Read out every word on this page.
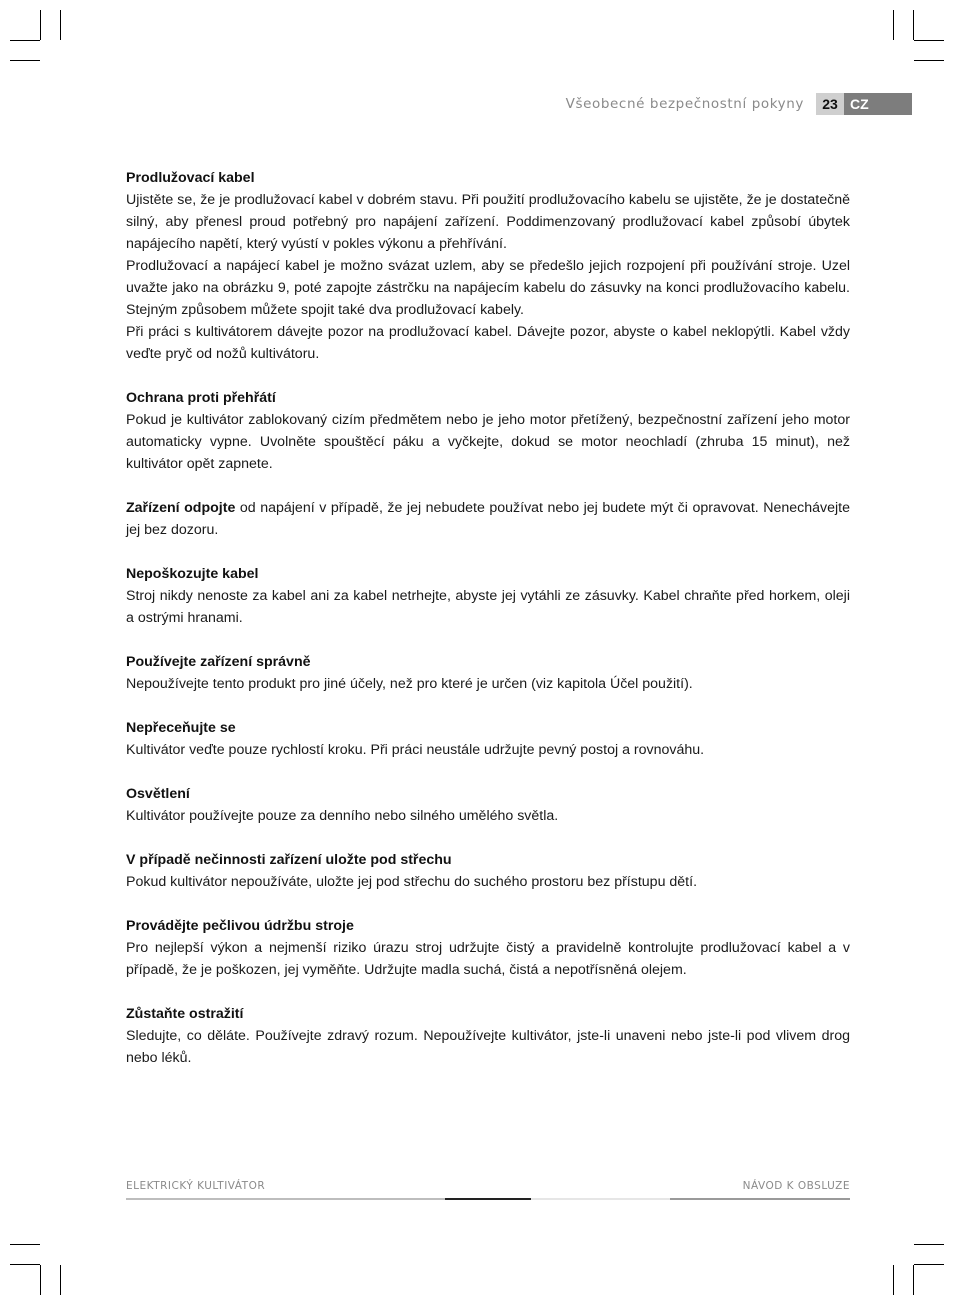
Všeobecné bezpečnostní pokyny	23 CZ
Prodlužovací kabel

Ujistěte se, že je prodlužovací kabel v dobrém stavu. Při použití prodlužovacího kabelu se ujistěte, že je dostatečně silný, aby přenesl proud potřebný pro napájení zařízení. Poddimenzovaný prodlužovací kabel způsobí úbytek napájecího napětí, který vyústí v pokles výkonu a přehřívání.

Prodlužovací a napájecí kabel je možno svázat uzlem, aby se předešlo jejich rozpojení při používání stroje. Uzel uvažte jako na obrázku 9, poté zapojte zástrčku na napájecím kabelu do zásuvky na konci prodlužovacího kabelu. Stejným způsobem můžete spojit také dva prodlužovací kabely.

Při práci s kultivátorem dávejte pozor na prodlužovací kabel. Dávejte pozor, abyste o kabel neklopýtli. Kabel vždy veďte pryč od nožů kultivátoru.

Ochrana proti přehřátí

Pokud je kultivátor zablokovaný cizím předmětem nebo je jeho motor přetížený, bezpečnostní zařízení jeho motor automaticky vypne. Uvolněte spouštěcí páku a vyčkejte, dokud se motor neochladí (zhruba 15 minut), než kultivátor opět zapnete.

Zařízení odpojte od napájení v případě, že jej nebudete používat nebo jej budete mýt či opravovat. Nenechávejte jej bez dozoru.

Nepoškozujte kabel

Stroj nikdy nenoste za kabel ani za kabel netrhejte, abyste jej vytáhli ze zásuvky. Kabel chraňte před horkem, oleji a ostrými hranami.

Používejte zařízení správně

Nepoužívejte tento produkt pro jiné účely, než pro které je určen (viz kapitola Účel použití).

Nepřeceňujte se

Kultivátor veďte pouze rychlostí kroku. Při práci neustále udržujte pevný postoj a rovnováhu.

Osvětlení

Kultivátor používejte pouze za denního nebo silného umělého světla.

V případě nečinnosti zařízení uložte pod střechu

Pokud kultivátor nepoužíváte, uložte jej pod střechu do suchého prostoru bez přístupu dětí.

Provádějte pečlivou údržbu stroje

Pro nejlepší výkon a nejmenší riziko úrazu stroj udržujte čistý a pravidelně kontrolujte prodlužovací kabel a v případě, že je poškozen, jej vyměňte. Udržujte madla suchá, čistá a nepotřísněná olejem.

Zůstaňte ostražití

Sledujte, co děláte. Používejte zdravý rozum. Nepoužívejte kultivátor, jste-li unaveni nebo jste-li pod vlivem drog nebo léků.

ELEKTRICKÝ KULTIVÁTOR	NÁVOD K OBSLUZE
